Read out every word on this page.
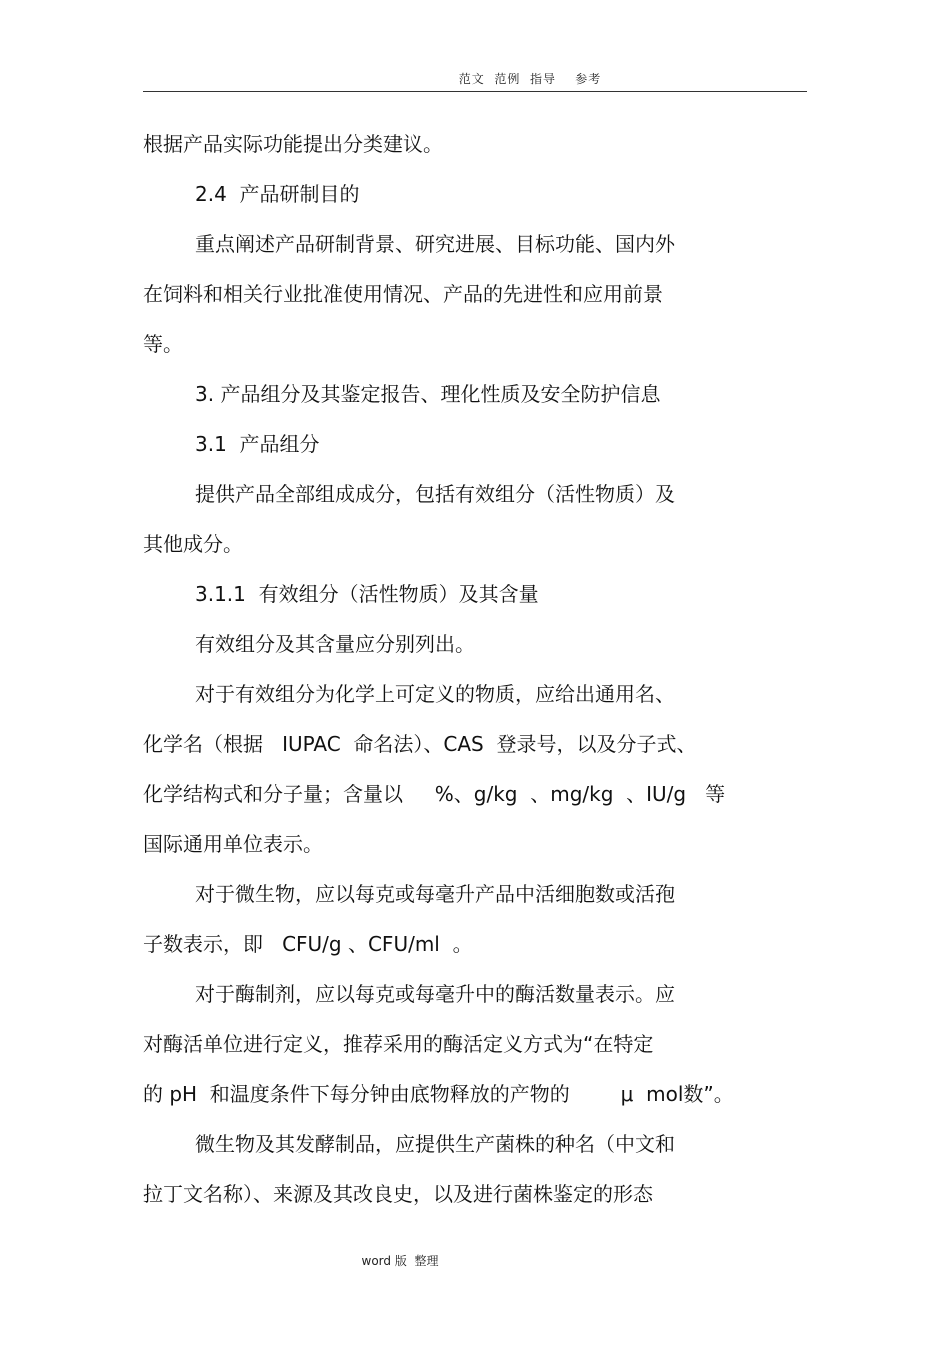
范文  范例  指导    参考
根据产品实际功能提出分类建议。
2.4  产品研制目的
重点阐述产品研制背景、研究进展、目标功能、国内外
在饲料和相关行业批准使用情况、产品的先进性和应用前景
等。
3. 产品组分及其鉴定报告、理化性质及安全防护信息
3.1  产品组分
提供产品全部组成成分，包括有效组分（活性物质）及
其他成分。
3.1.1  有效组分（活性物质）及其含量
有效组分及其含量应分别列出。
对于有效组分为化学上可定义的物质，应给出通用名、
化学名（根据   IUPAC  命名法）、CAS  登录号，以及分子式、
化学结构式和分子量；含量以     %、g/kg  、mg/kg  、IU/g   等
国际通用单位表示。
对于微生物，应以每克或每毫升产品中活细胞数或活孢
子数表示，即   CFU/g 、CFU/ml  。
对于酶制剂，应以每克或每毫升中的酶活数量表示。应
对酶活单位进行定义，推荐采用的酶活定义方式为“在特定
的 pH  和温度条件下每分钟由底物释放的产物的        μ  mol数”。
微生物及其发酵制品，应提供生产菌株的种名（中文和
拉丁文名称）、来源及其改良史，以及进行菌株鉴定的形态
word 版  整理
